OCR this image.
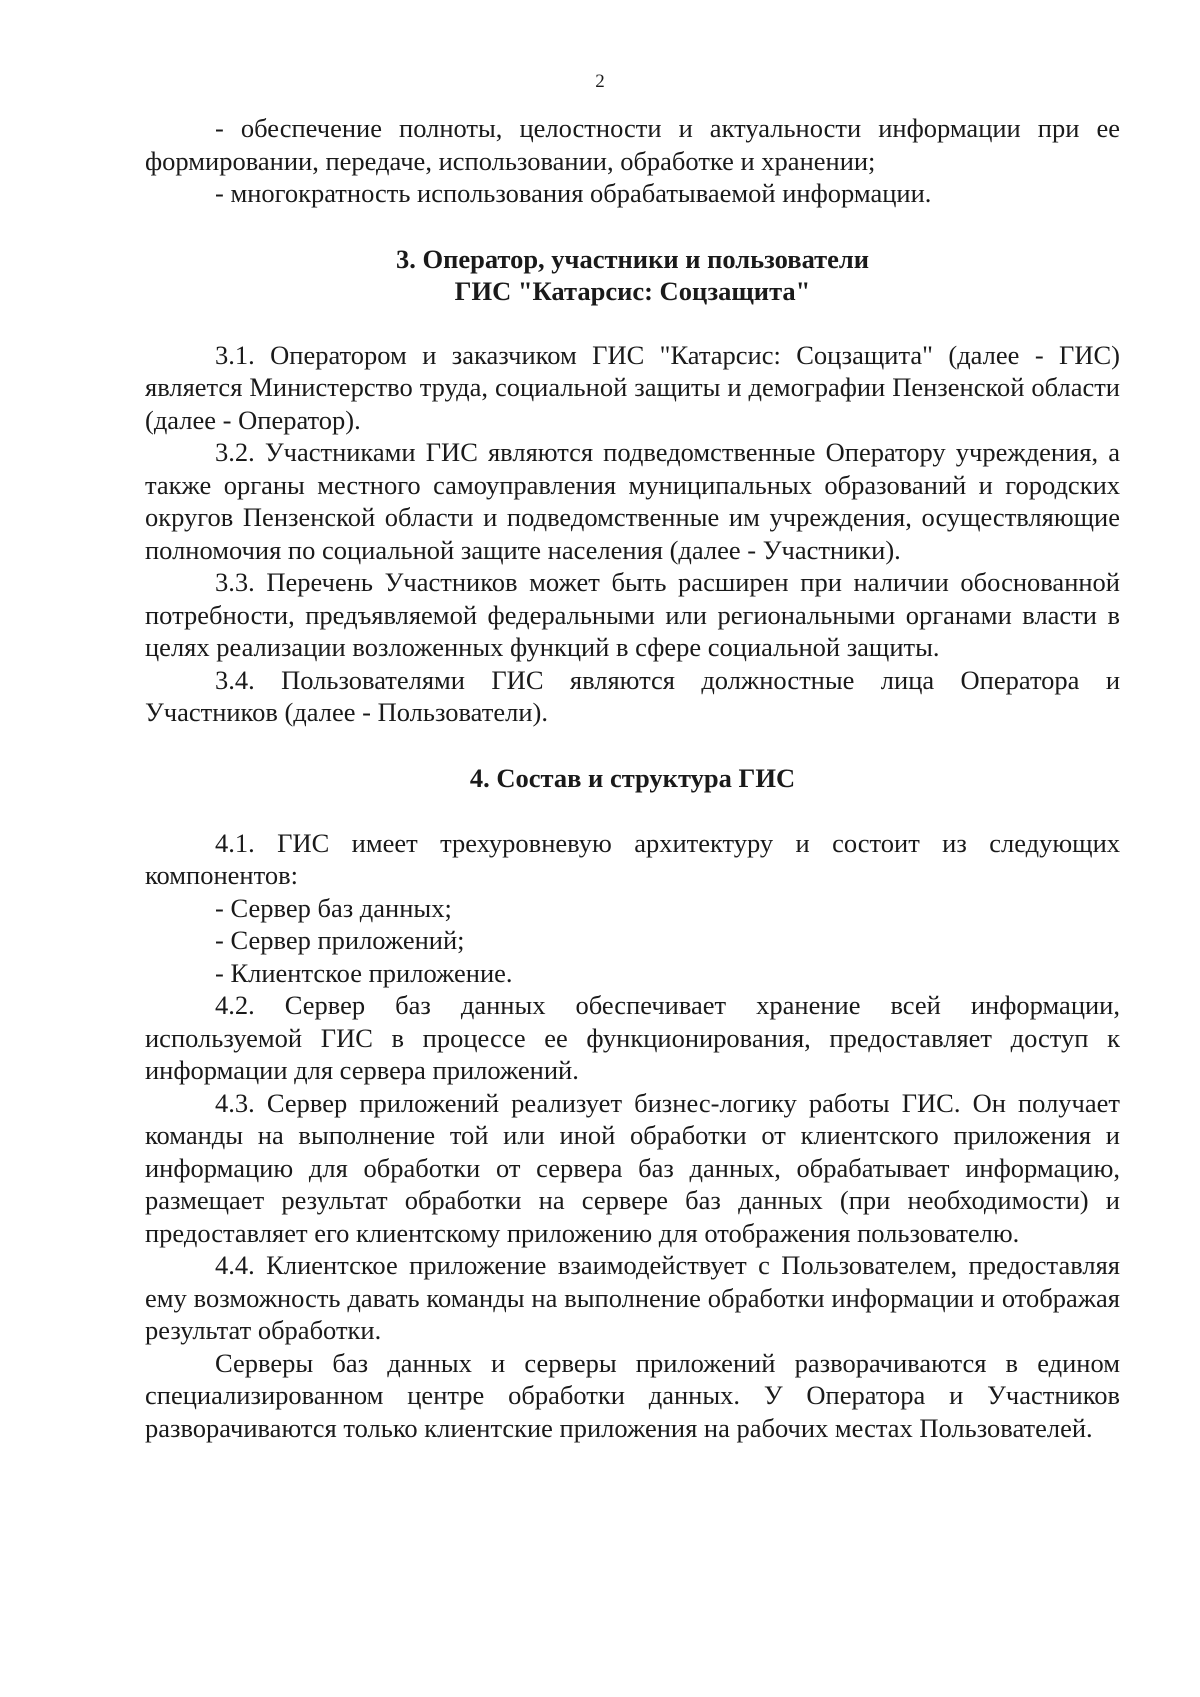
2

- обеспечение полноты, целостности и актуальности информации при ее формировании, передаче, использовании, обработке и хранении;

- многократность использования обрабатываемой информации.

3. Оператор, участники и пользователи

ГИС "Катарсис: Соцзащита"

3.1. Оператором и заказчиком ГИС "Катарсис: Соцзащита" (далее - ГИС) является Министерство труда, социальной защиты и демографии Пензенской области (далее - Оператор).

3.2. Участниками ГИС являются подведомственные Оператору учреждения, а также органы местного самоуправления муниципальных образований и городских округов Пензенской области и подведомственные им учреждения, осуществляющие полномочия по социальной защите населения (далее - Участники).

3.3. Перечень Участников может быть расширен при наличии обоснованной потребности, предъявляемой федеральными или региональными органами власти в целях реализации возложенных функций в сфере социальной защиты.

3.4. Пользователями ГИС являются должностные лица Оператора и Участников (далее - Пользователи).

4. Состав и структура ГИС

4.1. ГИС имеет трехуровневую архитектуру и состоит из следующих компонентов:

- Сервер баз данных;

- Сервер приложений;

- Клиентское приложение.

4.2. Сервер баз данных обеспечивает хранение всей информации, используемой ГИС в процессе ее функционирования, предоставляет доступ к информации для сервера приложений.

4.3. Сервер приложений реализует бизнес-логику работы ГИС. Он получает команды на выполнение той или иной обработки от клиентского приложения и информацию для обработки от сервера баз данных, обрабатывает информацию, размещает результат обработки на сервере баз данных (при необходимости) и предоставляет его клиентскому приложению для отображения пользователю.

4.4. Клиентское приложение взаимодействует с Пользователем, предоставляя ему возможность давать команды на выполнение обработки информации и отображая результат обработки.

Серверы баз данных и серверы приложений разворачиваются в едином специализированном центре обработки данных. У Оператора и Участников разворачиваются только клиентские приложения на рабочих местах Пользователей.
